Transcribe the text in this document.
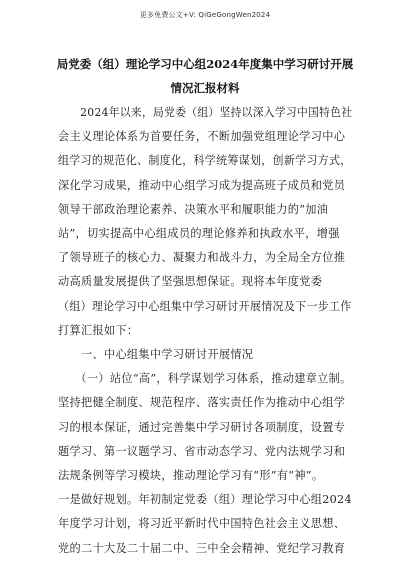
更多免费公文+V: QiGeGongWen2024
局党委（组）理论学习中心组2024年度集中学习研讨开展
情况汇报材料
　　2024年以来，局党委（组）坚持以深入学习中国特色社
会主义理论体系为首要任务，不断加强党组理论学习中心
组学习的规范化、制度化，科学统筹谋划，创新学习方式，
深化学习成果，推动中心组学习成为提高班子成员和党员
领导干部政治理论素养、决策水平和履职能力的“加油
站”，切实提高中心组成员的理论修养和执政水平，增强
了领导班子的核心力、凝聚力和战斗力，为全局全方位推
动高质量发展提供了坚强思想保证。现将本年度党委
（组）理论学习中心组集中学习研讨开展情况及下一步工作
打算汇报如下：
　　一、中心组集中学习研讨开展情况
　　（一）站位“高”，科学谋划学习体系，推动建章立制。
坚持把健全制度、规范程序、落实责任作为推动中心组学
习的根本保证，通过完善集中学习研讨各项制度，设置专
题学习、第一议题学习、省市动态学习、党内法规学习和
法规条例等学习模块，推动理论学习有“形”有“神”。
一是做好规划。年初制定党委（组）理论学习中心组2024
年度学习计划，将习近平新时代中国特色社会主义思想、
党的二十大及二十届二中、三中全会精神、党纪学习教育
